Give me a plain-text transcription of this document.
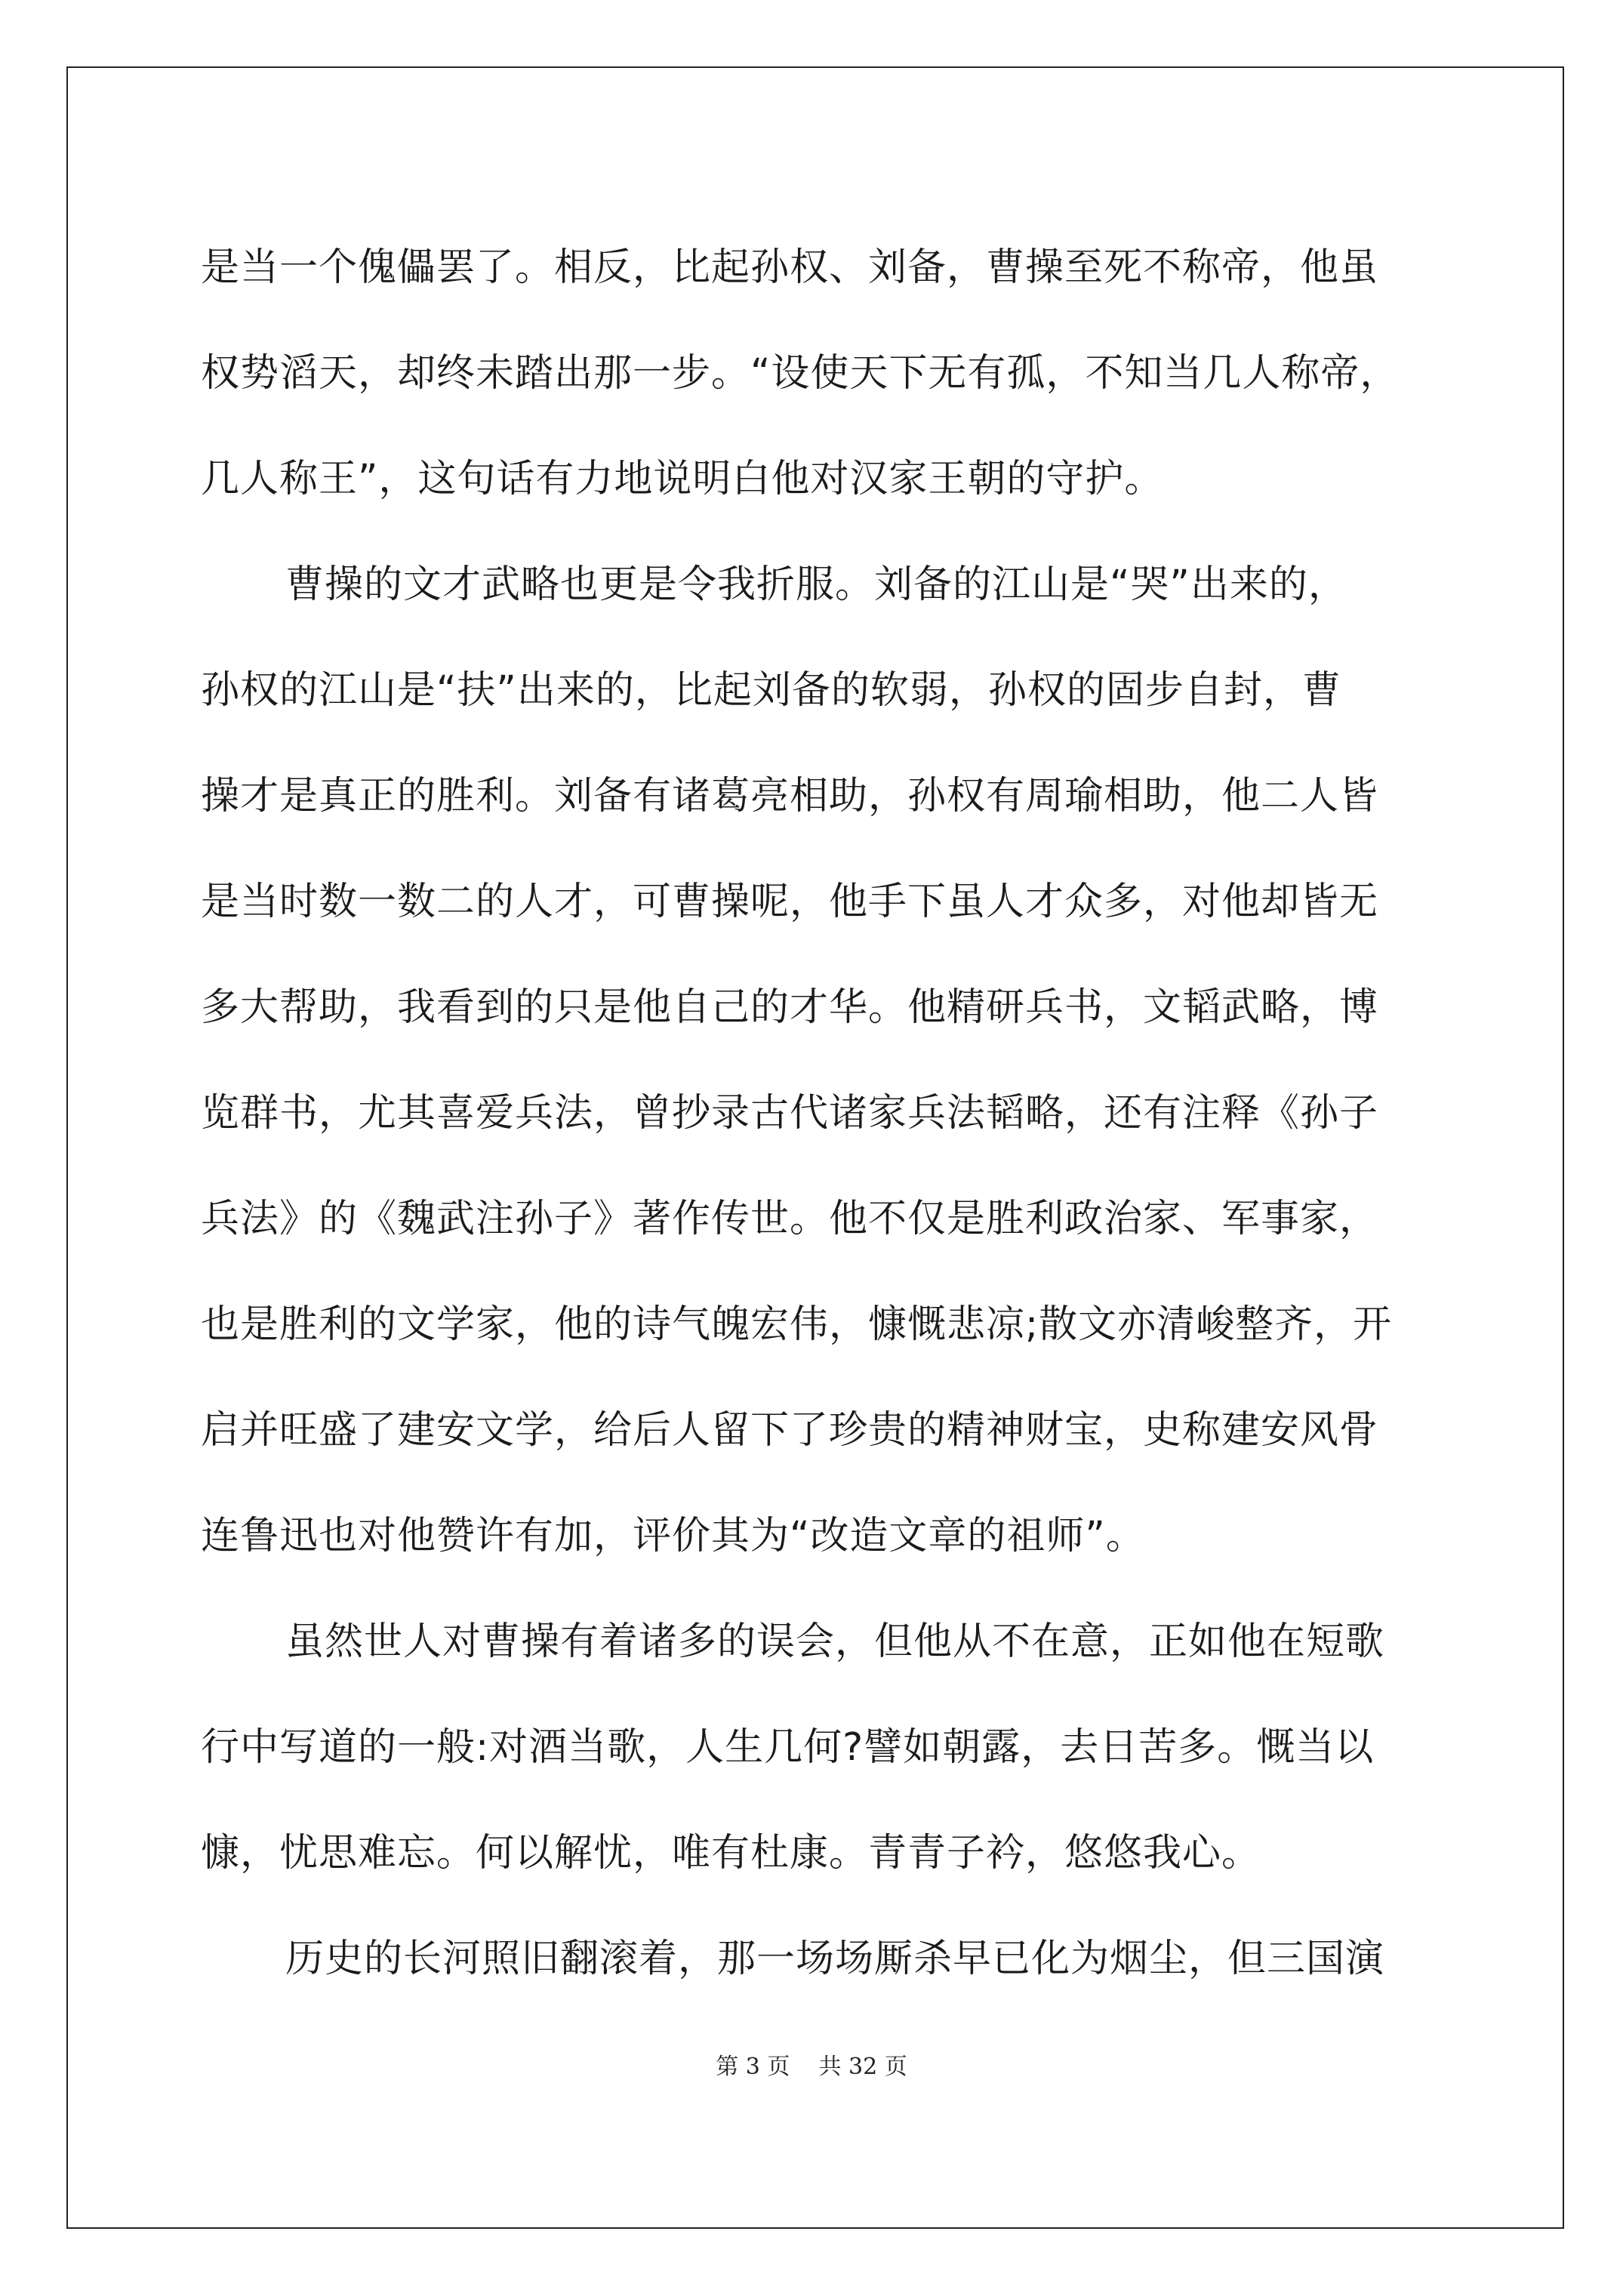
是当一个傀儡罢了。相反，比起孙权、刘备，曹操至死不称帝，他虽
权势滔天，却终未踏出那一步。“设使天下无有孤，不知当几人称帝，
几人称王”，这句话有力地说明白他对汉家王朝的守护。
曹操的文才武略也更是令我折服。刘备的江山是“哭”出来的，
孙权的江山是“扶”出来的，比起刘备的软弱，孙权的固步自封，曹
操才是真正的胜利。刘备有诸葛亮相助，孙权有周瑜相助，他二人皆
是当时数一数二的人才，可曹操呢，他手下虽人才众多，对他却皆无
多大帮助，我看到的只是他自己的才华。他精研兵书，文韬武略，博
览群书，尤其喜爱兵法，曾抄录古代诸家兵法韬略，还有注释《孙子
兵法》的《魏武注孙子》著作传世。他不仅是胜利政治家、军事家，
也是胜利的文学家，他的诗气魄宏伟，慷慨悲凉;散文亦清峻整齐，开
启并旺盛了建安文学，给后人留下了珍贵的精神财宝，史称建安风骨
连鲁迅也对他赞许有加，评价其为“改造文章的祖师”。
虽然世人对曹操有着诸多的误会，但他从不在意，正如他在短歌
行中写道的一般:对酒当歌，人生几何?譬如朝露，去日苦多。慨当以
慷，忧思难忘。何以解忧，唯有杜康。青青子衿，悠悠我心。
历史的长河照旧翻滚着，那一场场厮杀早已化为烟尘，但三国演
第 3 页    共 32 页
